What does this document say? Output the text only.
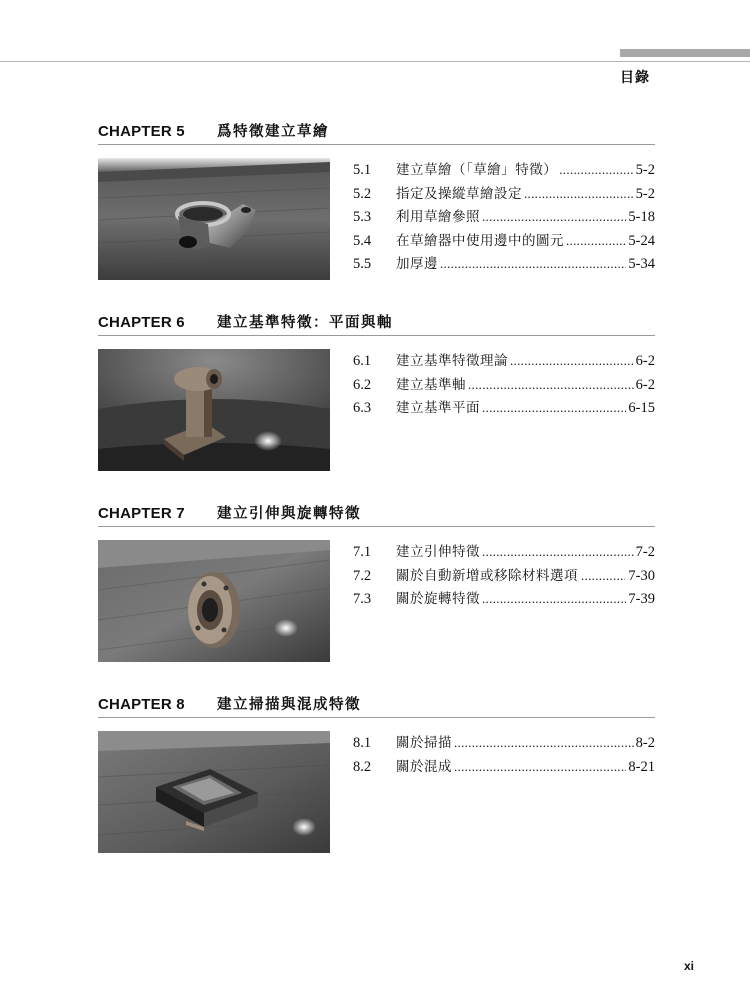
目錄
CHAPTER 5	爲特徵建立草繪
5.1	建立草繪（「草繪」特徵） .....	5-2
5.2	指定及操縱草繪設定 .....	5-2
5.3	利用草繪參照 .....	5-18
5.4	在草繪器中使用邊中的圖元 .....	5-24
5.5	加厚邊 .....	5-34
CHAPTER 6	建立基準特徵：平面與軸
6.1	建立基準特徵理論 .....	6-2
6.2	建立基準軸 .....	6-2
6.3	建立基準平面 .....	6-15
CHAPTER 7	建立引伸與旋轉特徵
7.1	建立引伸特徵 .....	7-2
7.2	關於自動新增或移除材料選項 .....	7-30
7.3	關於旋轉特徵 .....	7-39
CHAPTER 8	建立掃描與混成特徵
8.1	關於掃描 .....	8-2
8.2	關於混成 .....	8-21
xi
